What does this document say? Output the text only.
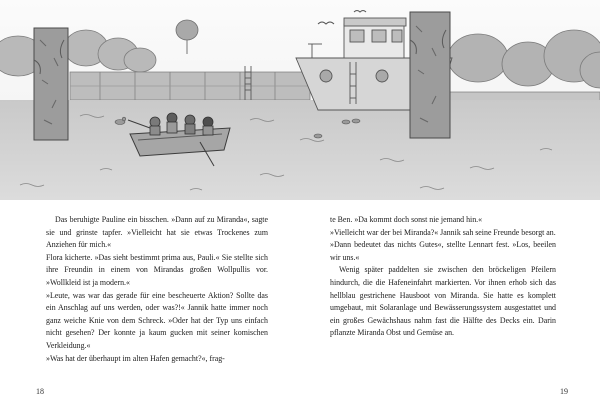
Das beruhigte Pauline ein bisschen. »Dann auf zu Miranda«, sagte sie und grinste tapfer. »Vielleicht hat sie etwas Trockenes zum Anziehen für mich.«

Flora kicherte. »Das sieht bestimmt prima aus, Pauli.« Sie stellte sich ihre Freundin in einem von Mirandas großen Wollpullis vor. »Wollkleid ist ja modern.«

»Leute, was war das gerade für eine bescheuerte Aktion? Sollte das ein Anschlag auf uns werden, oder was?!« Jannik hatte immer noch ganz weiche Knie von dem Schreck. »Oder hat der Typ uns einfach nicht gesehen? Der konnte ja kaum gucken mit seiner komischen Verkleidung.«

»Was hat der überhaupt im alten Hafen gemacht?«, frag-

te Ben. »Da kommt doch sonst nie jemand hin.«

»Vielleicht war der bei Miranda?« Jannik sah seine Freunde besorgt an.

»Dann bedeutet das nichts Gutes«, stellte Lennart fest. »Los, beeilen wir uns.«

Wenig später paddelten sie zwischen den bröckeligen Pfeilern hindurch, die die Hafeneinfahrt markierten. Vor ihnen erhob sich das hellblau gestrichene Hausboot von Miranda. Sie hatte es komplett umgebaut, mit Solaranlage und Bewässerungssystem ausgestattet und ein großes Gewächshaus nahm fast die Hälfte des Decks ein. Darin pflanzte Miranda Obst und Gemüse an.

18	19
